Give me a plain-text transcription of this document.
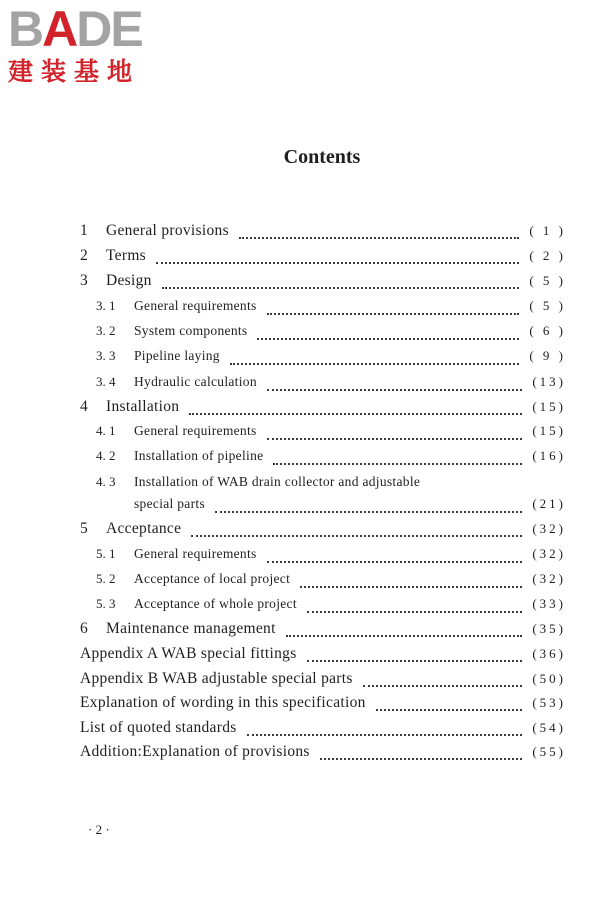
BADE
建装基地
Contents
1	General provisions	( 1 )
2	Terms	( 2 )
3	Design	( 5 )
3. 1	General requirements	( 5 )
3. 2	System components	( 6 )
3. 3	Pipeline laying	( 9 )
3. 4	Hydraulic calculation	(13)
4	Installation	(15)
4. 1	General requirements	(15)
4. 2	Installation of pipeline	(16)
4. 3	Installation of WAB drain collector and adjustable
special parts	(21)
5	Acceptance	(32)
5. 1	General requirements	(32)
5. 2	Acceptance of local project	(32)
5. 3	Acceptance of whole project	(33)
6	Maintenance management	(35)
Appendix A WAB special fittings	(36)
Appendix B WAB adjustable special parts	(50)
Explanation of wording in this specification	(53)
List of quoted standards	(54)
Addition:Explanation of provisions	(55)
· 2 ·
